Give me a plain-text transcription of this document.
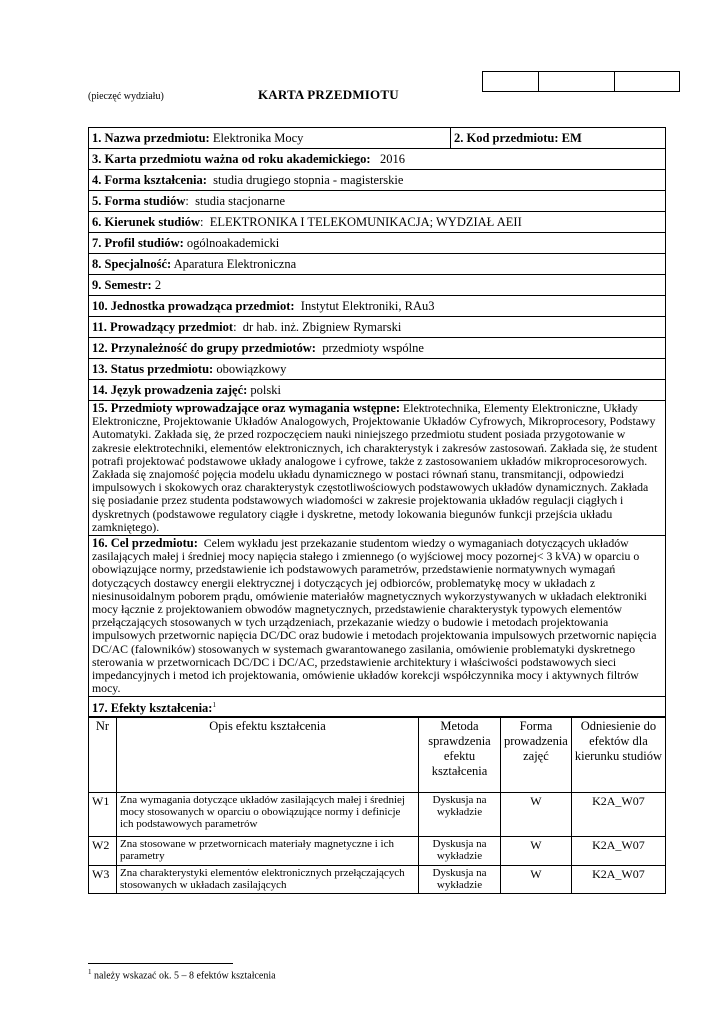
(pieczęć wydziału)	KARTA PRZEDMIOTU
1. Nazwa przedmiotu: Elektronika Mocy	2. Kod przedmiotu: EM
3. Karta przedmiotu ważna od roku akademickiego:   2016
4. Forma kształcenia:  studia drugiego stopnia - magisterskie
5. Forma studiów:  studia stacjonarne
6. Kierunek studiów:  ELEKTRONIKA I TELEKOMUNIKACJA; WYDZIAŁ AEII
7. Profil studiów: ogólnoakademicki
8. Specjalność: Aparatura Elektroniczna
9. Semestr: 2
10. Jednostka prowadząca przedmiot:  Instytut Elektroniki, RAu3
11. Prowadzący przedmiot:  dr hab. inż. Zbigniew Rymarski
12. Przynależność do grupy przedmiotów:  przedmioty wspólne
13. Status przedmiotu: obowiązkowy
14. Język prowadzenia zajęć: polski
15. Przedmioty wprowadzające oraz wymagania wstępne: Elektrotechnika, Elementy Elektroniczne, Układy Elektroniczne, Projektowanie Układów Analogowych, Projektowanie Układów Cyfrowych, Mikroprocesory, Podstawy Automatyki. Zakłada się, że przed rozpoczęciem nauki niniejszego przedmiotu student posiada przygotowanie w zakresie elektrotechniki, elementów elektronicznych, ich charakterystyk i zakresów zastosowań. Zakłada się, że student potrafi projektować podstawowe układy analogowe i cyfrowe, także z zastosowaniem układów mikroprocesorowych. Zakłada się znajomość pojęcia modelu układu dynamicznego w postaci równań stanu, transmitancji, odpowiedzi impulsowych i skokowych oraz charakterystyk częstotliwościowych podstawowych układów dynamicznych. Zakłada się posiadanie przez studenta podstawowych wiadomości w zakresie projektowania układów regulacji ciągłych i dyskretnych (podstawowe regulatory ciągłe i dyskretne, metody lokowania biegunów funkcji przejścia układu zamkniętego).
16. Cel przedmiotu:  Celem wykładu jest przekazanie studentom wiedzy o wymaganiach dotyczących układów zasilających małej i średniej mocy napięcia stałego i zmiennego (o wyjściowej mocy pozornej< 3 kVA) w oparciu o obowiązujące normy, przedstawienie ich podstawowych parametrów, przedstawienie normatywnych wymagań dotyczących dostawcy energii elektrycznej i dotyczących jej odbiorców, problematykę mocy w układach z niesinusoidalnym poborem prądu, omówienie materiałów magnetycznych wykorzystywanych w układach elektroniki mocy łącznie z projektowaniem obwodów magnetycznych, przedstawienie charakterystyk typowych elementów przełączających stosowanych w tych urządzeniach, przekazanie wiedzy o budowie i metodach projektowania impulsowych przetwornic napięcia DC/DC oraz budowie i metodach projektowania impulsowych przetwornic napięcia DC/AC (falowników) stosowanych w systemach gwarantowanego zasilania, omówienie problematyki dyskretnego sterowania w przetwornicach DC/DC i DC/AC, przedstawienie architektury i właściwości podstawowych sieci impedancyjnych i metod ich projektowania, omówienie układów korekcji współczynnika mocy i aktywnych filtrów mocy.
17. Efekty kształcenia:$^1$
Nr	Opis efektu kształcenia	Metoda sprawdzenia efektu kształcenia	Forma prowadzenia zajęć	Odniesienie do efektów dla kierunku studiów
W1	Zna wymagania dotyczące układów zasilających małej i średniej mocy stosowanych w oparciu o obowiązujące normy i definicje ich podstawowych parametrów	Dyskusja na wykładzie	W	K2A_W07
W2	Zna stosowane w przetwornicach materiały magnetyczne i ich parametry	Dyskusja na wykładzie	W	K2A_W07
W3	Zna charakterystyki elementów elektronicznych przełączających stosowanych w układach zasilających	Dyskusja na wykładzie	W	K2A_W07
$^1$ należy wskazać ok. 5 – 8 efektów kształcenia
